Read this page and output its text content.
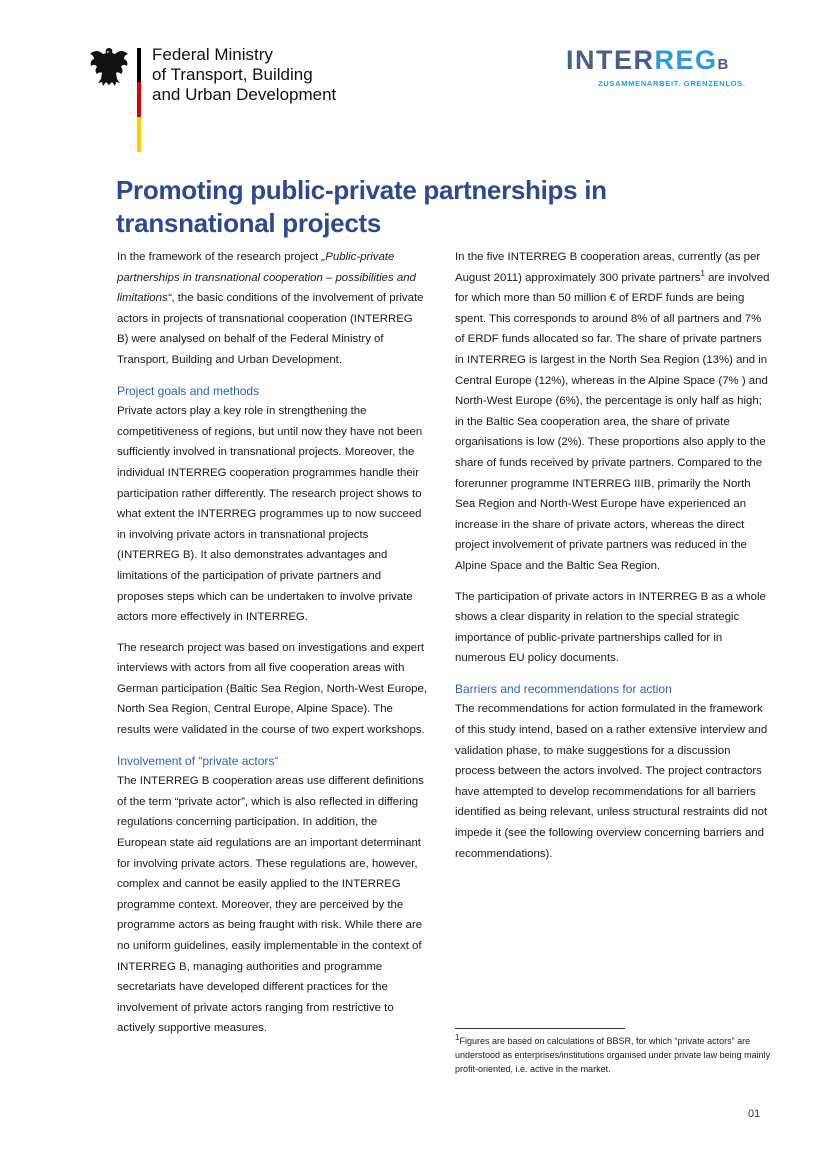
Federal Ministry
of Transport, Building
and Urban Development
INTERREGB
ZUSAMMENARBEIT. GRENZENLOS.
Promoting public-private partnerships in transnational projects

In the framework of the research project „Public-private partnerships in transnational cooperation – possibilities and limitations“, the basic conditions of the involvement of private actors in projects of transnational cooperation (INTERREG B) were analysed on behalf of the Federal Ministry of Transport, Building and Urban Development.

Project goals and methods

Private actors play a key role in strengthening the competitiveness of regions, but until now they have not been sufficiently involved in transnational projects. Moreover, the individual INTERREG cooperation programmes handle their participation rather differently. The research project shows to what extent the INTERREG programmes up to now succeed in involving private actors in transnational projects (INTERREG B). It also demonstrates advantages and limitations of the participation of private partners and proposes steps which can be undertaken to involve private actors more effectively in INTERREG.

The research project was based on investigations and expert interviews with actors from all five cooperation areas with German participation (Baltic Sea Region, North-West Europe, North Sea Region, Central Europe, Alpine Space). The results were validated in the course of two expert workshops.

Involvement of “private actors“

The INTERREG B cooperation areas use different definitions of the term “private actor”, which is also reflected in differing regulations concerning participation. In addition, the European state aid regulations are an important determinant for involving private actors. These regulations are, however, complex and cannot be easily applied to the INTERREG programme context. Moreover, they are perceived by the programme actors as being fraught with risk. While there are no uniform guidelines, easily implementable in the context of INTERREG B, managing authorities and programme secretariats have developed different practices for the involvement of private actors ranging from restrictive to actively supportive measures.

In the five INTERREG B cooperation areas, currently (as per August 2011) approximately 300 private partners$^1$ are involved for which more than 50 million € of ERDF funds are being spent. This corresponds to around 8% of all partners and 7% of ERDF funds allocated so far. The share of private partners in INTERREG is largest in the North Sea Region (13%) and in Central Europe (12%), whereas in the Alpine Space (7% ) and North-West Europe (6%), the percentage is only half as high; in the Baltic Sea cooperation area, the share of private organisations is low (2%). These proportions also apply to the share of funds received by private partners. Compared to the forerunner programme INTERREG IIIB, primarily the North Sea Region and North-West Europe have experienced an increase in the share of private actors, whereas the direct project involvement of private partners was reduced in the Alpine Space and the Baltic Sea Region.

The participation of private actors in INTERREG B as a whole shows a clear disparity in relation to the special strategic importance of public-private partnerships called for in numerous EU policy documents.

Barriers and recommendations for action

The recommendations for action formulated in the framework of this study intend, based on a rather extensive interview and validation phase, to make suggestions for a discussion process between the actors involved. The project contractors have attempted to develop recommendations for all barriers identified as being relevant, unless structural restraints did not impede it (see the following overview concerning barriers and recommendations).

1Figures are based on calculations of BBSR, for which “private actors” are understood as enterprises/institutions organised under private law being mainly profit-oriented, i.e. active in the market.
01
